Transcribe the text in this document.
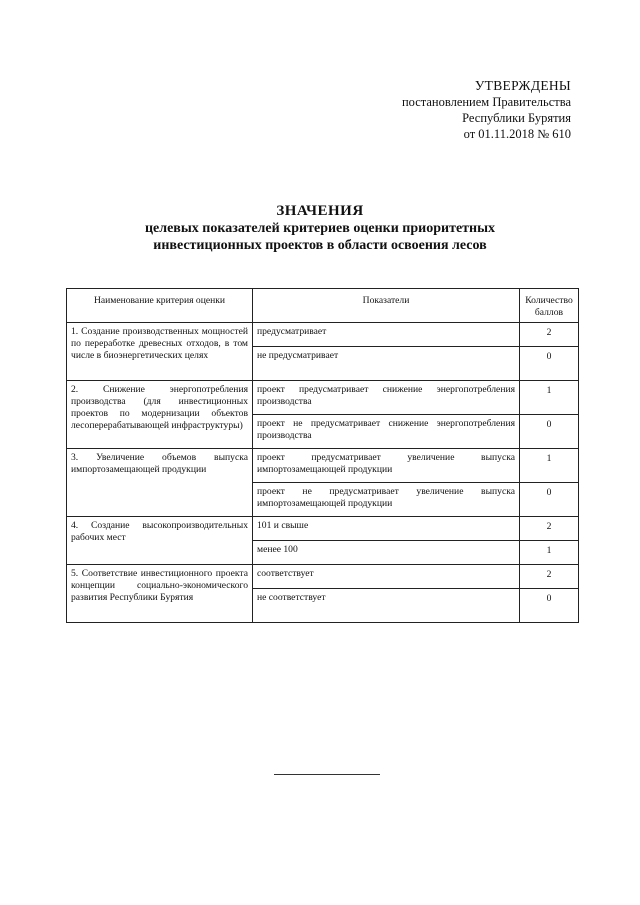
УТВЕРЖДЕНЫ
постановлением Правительства
Республики Бурятия
от 01.11.2018 № 610
ЗНАЧЕНИЯ
целевых показателей критериев оценки приоритетных
инвестиционных проектов в области освоения лесов
Наименование критерия оценки	Показатели	Количество баллов
1. Создание производственных мощностей по переработке древесных отходов, в том числе в биоэнергетических целях	предусматривает	2
	не предусматривает	0
2. Снижение энергопотребления производства (для инвестиционных проектов по модернизации объектов лесоперерабатывающей инфраструктуры)	проект предусматривает снижение энергопотребления производства	1
	проект не предусматривает снижение энергопотребления производства	0
3. Увеличение объемов выпуска импортозамещающей продукции	проект предусматривает увеличение выпуска импортозамещающей продукции	1
	проект не предусматривает увеличение выпуска импортозамещающей продукции	0
4. Создание высокопроизводительных рабочих мест	101 и свыше	2
	менее 100	1
5. Соответствие инвестиционного проекта концепции социально-экономического развития Республики Бурятия	соответствует	2
	не соответствует	0
